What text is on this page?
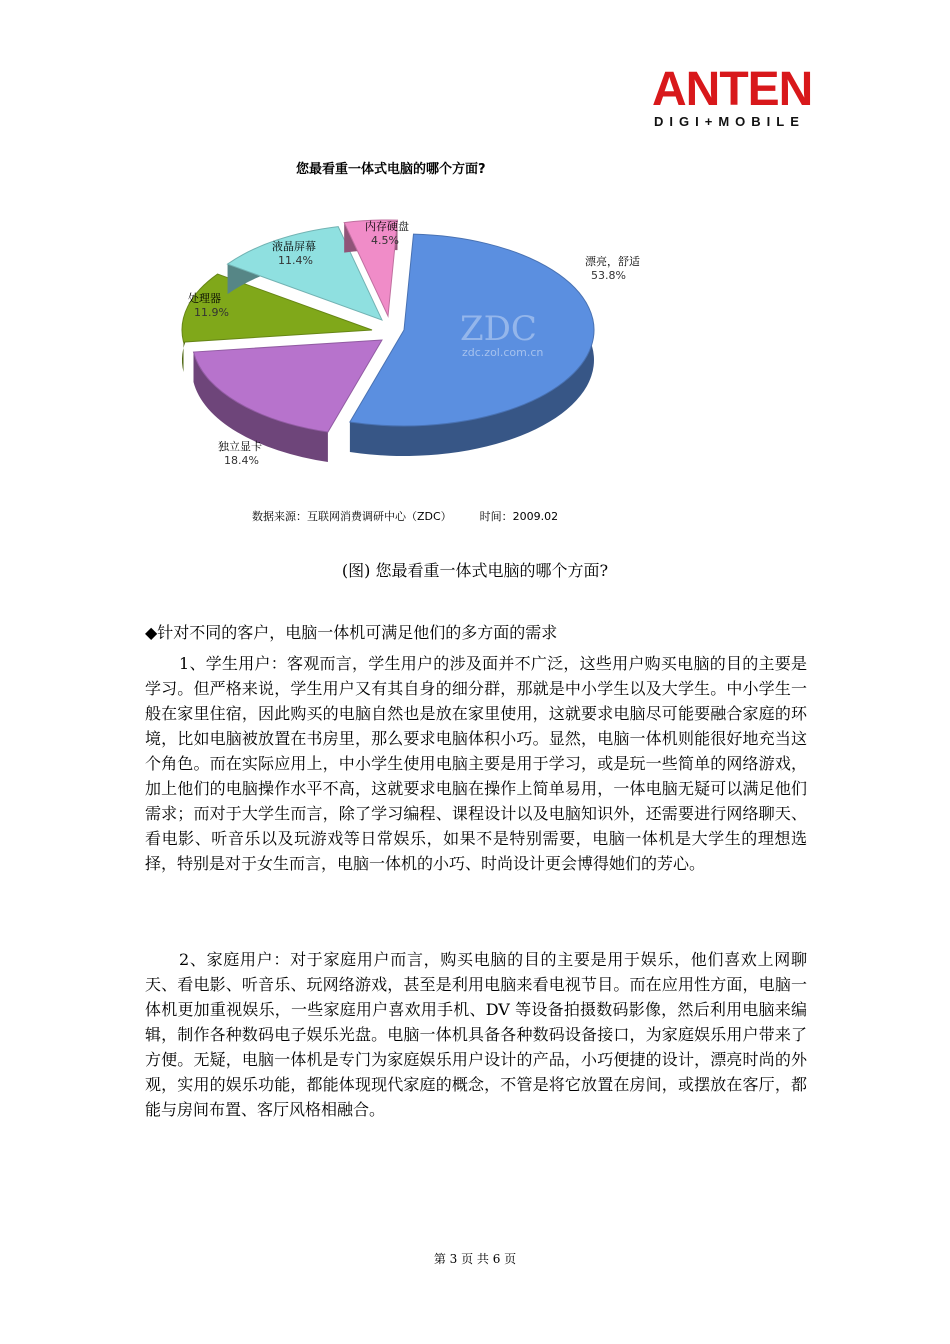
ANTEN
DIGI+MOBILE
您最看重一体式电脑的哪个方面?
漂亮，舒适
53.8%
独立显卡
18.4%
处理器
11.9%
液晶屏幕
11.4%
内存硬盘
4.5%
ZDC
zdc.zol.com.cn
数据来源：互联网消费调研中心（ZDC）        时间：2009.02
(图) 您最看重一体式电脑的哪个方面?
◆针对不同的客户，电脑一体机可满足他们的多方面的需求

1、学生用户：客观而言，学生用户的涉及面并不广泛，这些用户购买电脑的目的主要是学习。但严格来说，学生用户又有其自身的细分群，那就是中小学生以及大学生。中小学生一般在家里住宿，因此购买的电脑自然也是放在家里使用，这就要求电脑尽可能要融合家庭的环境，比如电脑被放置在书房里，那么要求电脑体积小巧。显然，电脑一体机则能很好地充当这个角色。而在实际应用上，中小学生使用电脑主要是用于学习，或是玩一些简单的网络游戏，加上他们的电脑操作水平不高，这就要求电脑在操作上简单易用，一体电脑无疑可以满足他们需求；而对于大学生而言，除了学习编程、课程设计以及电脑知识外，还需要进行网络聊天、看电影、听音乐以及玩游戏等日常娱乐，如果不是特别需要，电脑一体机是大学生的理想选择，特别是对于女生而言，电脑一体机的小巧、时尚设计更会博得她们的芳心。

2、家庭用户：对于家庭用户而言，购买电脑的目的主要是用于娱乐，他们喜欢上网聊天、看电影、听音乐、玩网络游戏，甚至是利用电脑来看电视节目。而在应用性方面，电脑一体机更加重视娱乐，一些家庭用户喜欢用手机、DV 等设备拍摄数码影像，然后利用电脑来编辑，制作各种数码电子娱乐光盘。电脑一体机具备各种数码设备接口，为家庭娱乐用户带来了方便。无疑，电脑一体机是专门为家庭娱乐用户设计的产品，小巧便捷的设计，漂亮时尚的外观，实用的娱乐功能，都能体现现代家庭的概念，不管是将它放置在房间，或摆放在客厅，都能与房间布置、客厅风格相融合。

第 3 页 共 6 页
